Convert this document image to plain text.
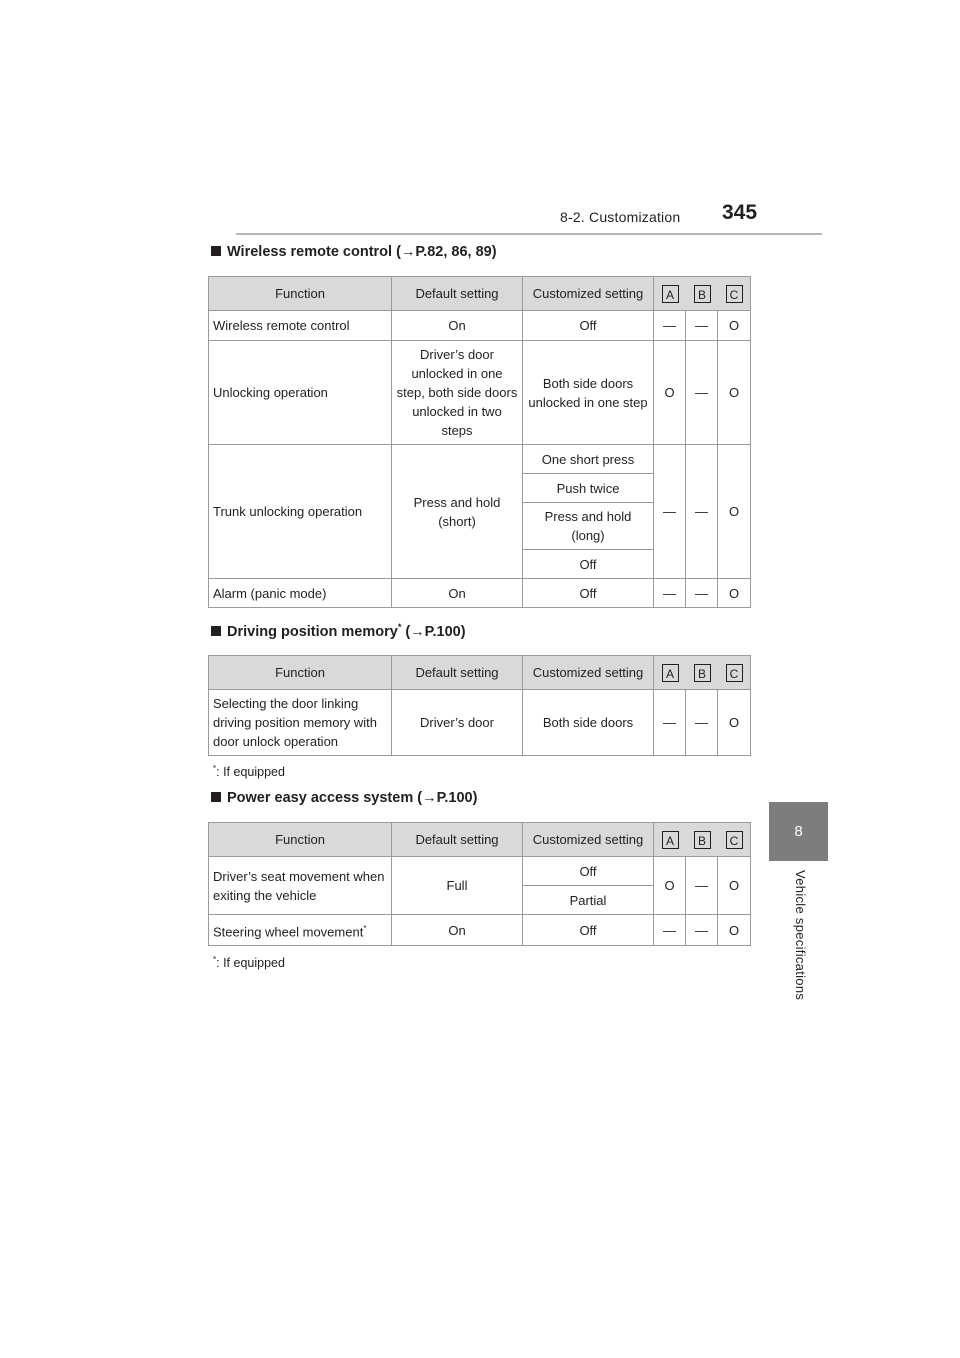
8-2. Customization 345
8
Vehicle specifications
Wireless remote control (→P.82, 86, 89)
Function	Default setting	Customized setting	A B C		

Wireless remote control	On	Off	—	—	O
Unlocking operation	Driver’s door unlocked in one step, both side doors unlocked in two steps	Both side doors unlocked in one step	O	—	O
Trunk unlocking operation	Press and hold (short)	One short press	—	—	O
		Push twice			
		Press and hold (long)			
		Off			
Alarm (panic mode)	On	Off	—	—	O
Driving position memory* (→P.100)
Function	Default setting	Customized setting	A B C		

Selecting the door linking driving position memory with door unlock operation	Driver’s door	Both side doors	—	—	O
*: If equipped
Power easy access system (→P.100)
Function	Default setting	Customized setting	A B C		

Driver’s seat movement when exiting the vehicle	Full	Off	O	—	O
		Partial			
Steering wheel movement*	On	Off	—	—	O
*: If equipped
